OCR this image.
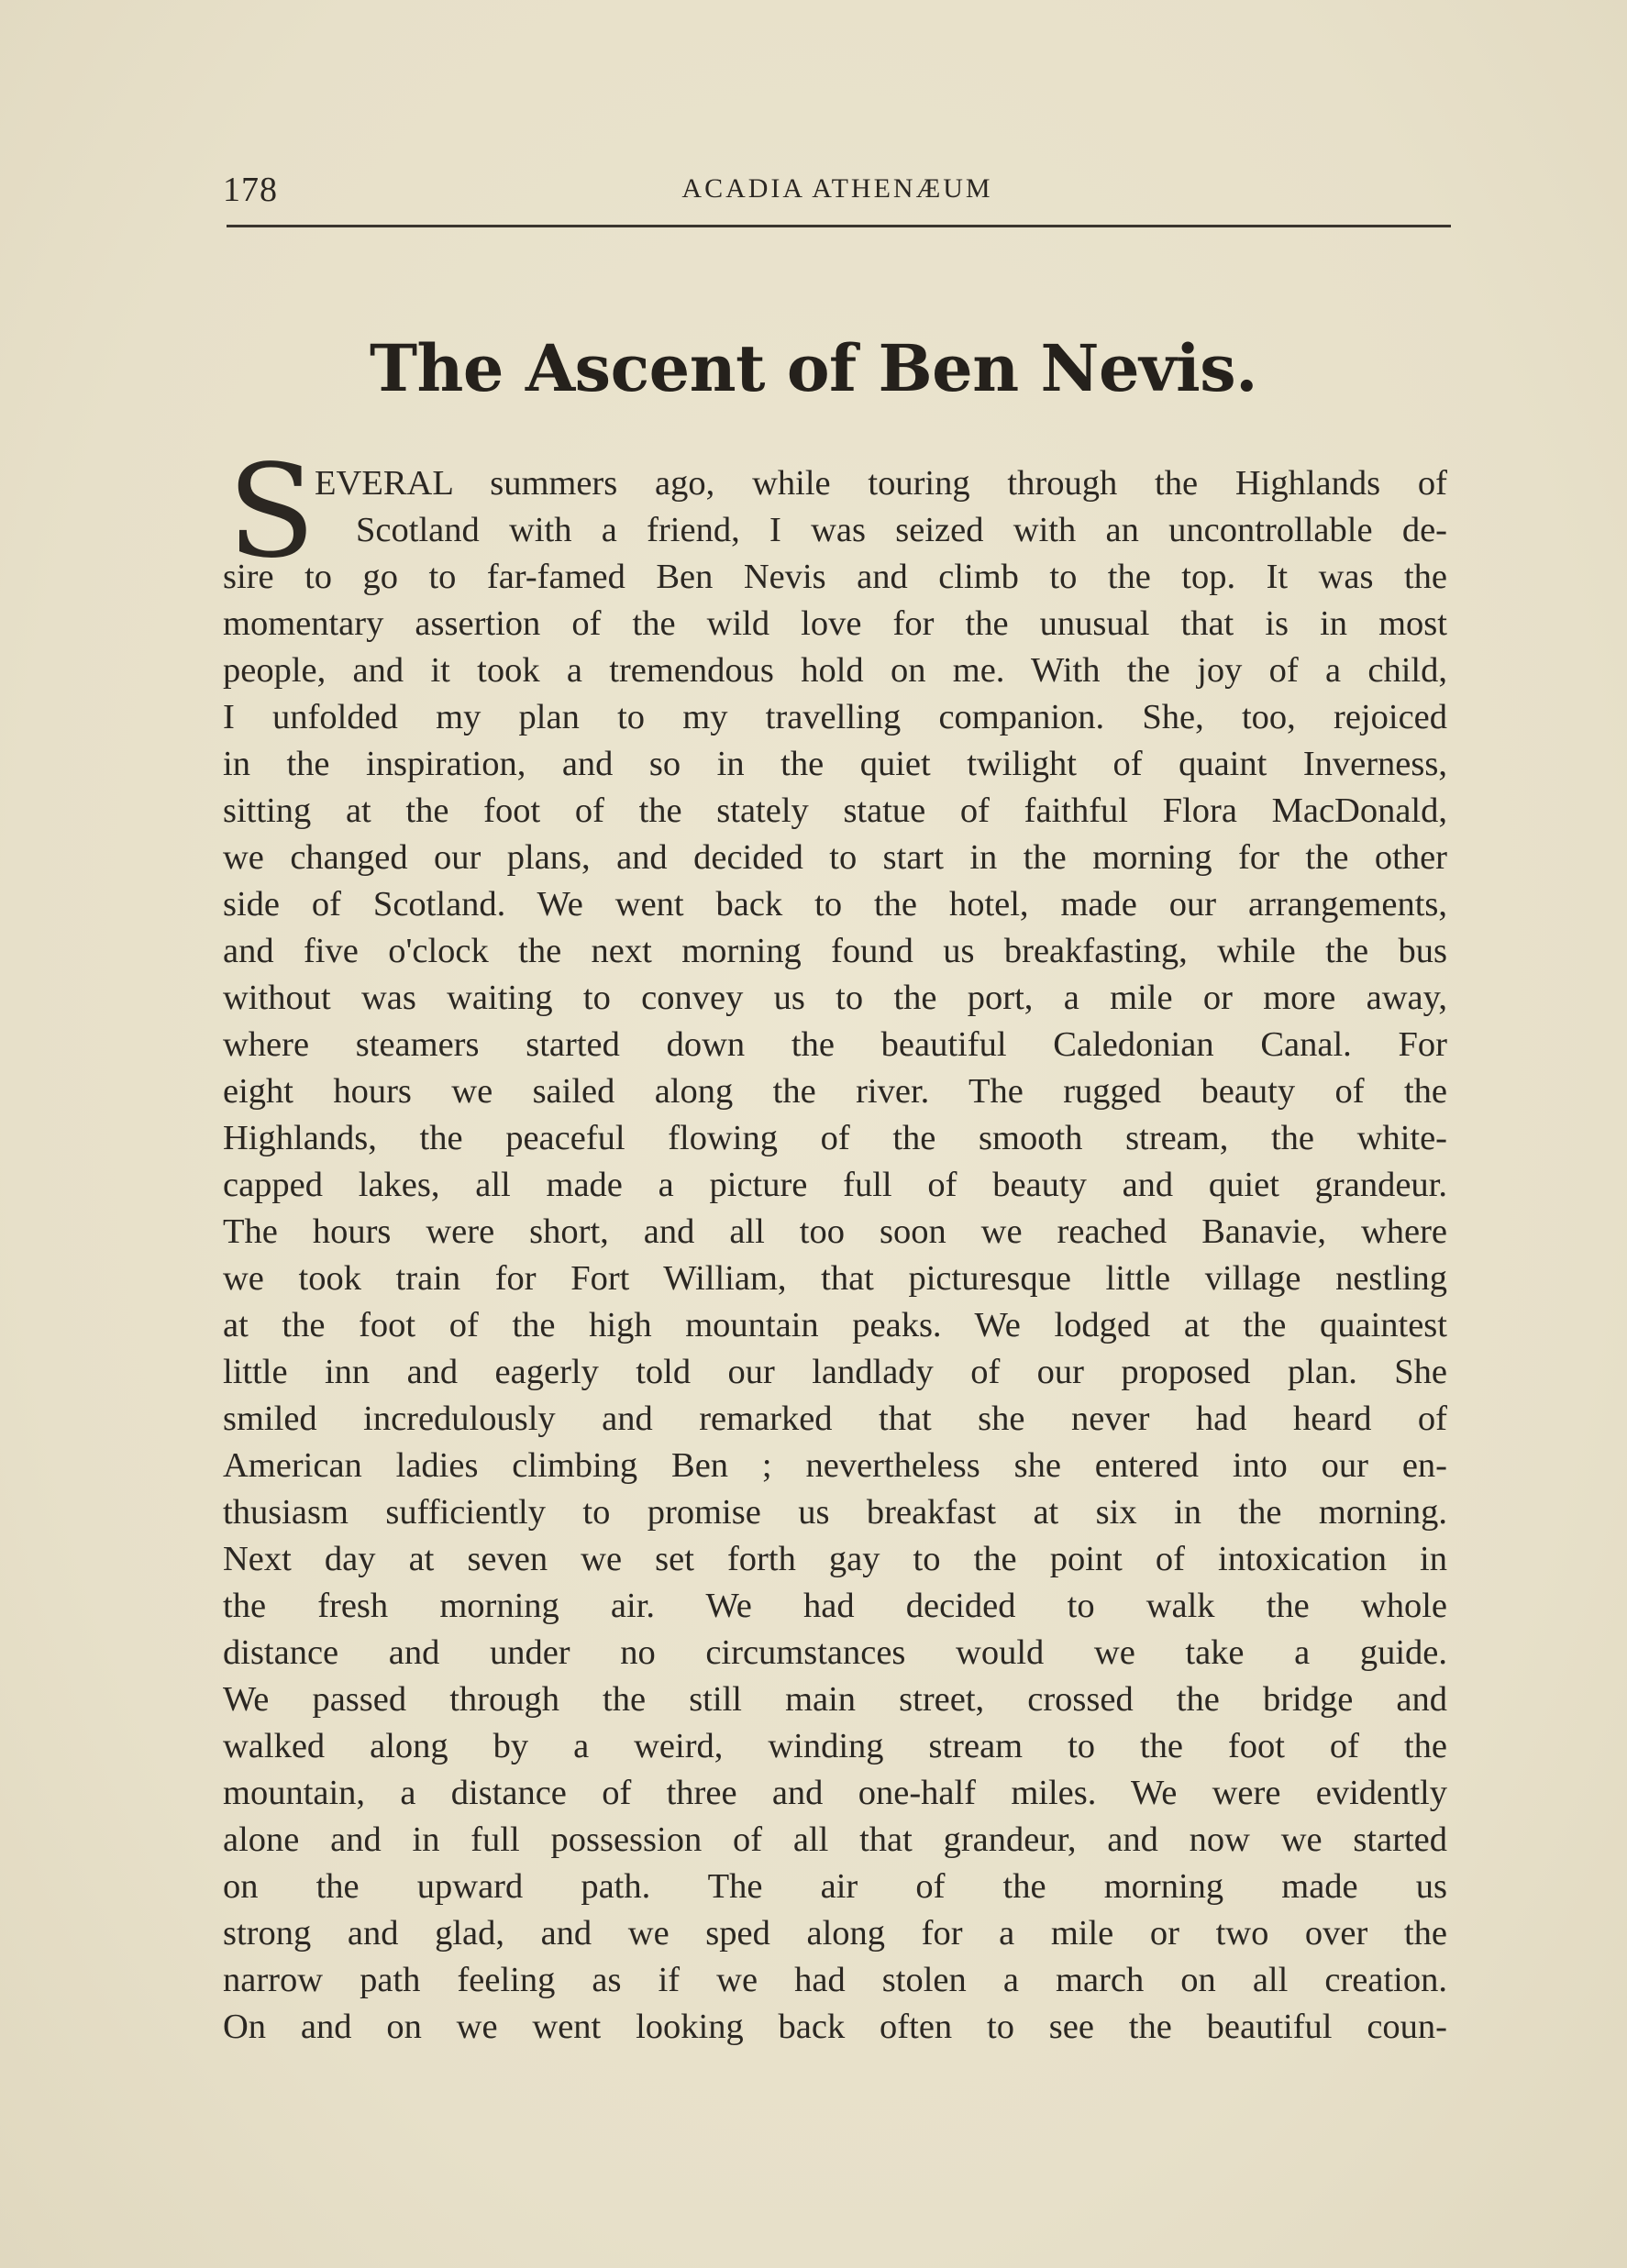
178	ACADIA ATHENÆUM
The Ascent of Ben Nevis.
S EVERAL summers ago, while touring through the Highlands of
Scotland with a friend, I was seized with an uncontrollable de-
sire to go to far-famed Ben Nevis and climb to the top. It was the
momentary assertion of the wild love for the unusual that is in most
people, and it took a tremendous hold on me. With the joy of a child,
I unfolded my plan to my travelling companion. She, too, rejoiced
in the inspiration, and so in the quiet twilight of quaint Inverness,
sitting at the foot of the stately statue of faithful Flora MacDonald,
we changed our plans, and decided to start in the morning for the other
side of Scotland. We went back to the hotel, made our arrangements,
and five o'clock the next morning found us breakfasting, while the bus
without was waiting to convey us to the port, a mile or more away,
where steamers started down the beautiful Caledonian Canal. For
eight hours we sailed along the river. The rugged beauty of the
Highlands, the peaceful flowing of the smooth stream, the white-
capped lakes, all made a picture full of beauty and quiet grandeur.
The hours were short, and all too soon we reached Banavie, where
we took train for Fort William, that picturesque little village nestling
at the foot of the high mountain peaks. We lodged at the quaintest
little inn and eagerly told our landlady of our proposed plan. She
smiled incredulously and remarked that she never had heard of
American ladies climbing Ben ; nevertheless she entered into our en-
thusiasm sufficiently to promise us breakfast at six in the morning.
Next day at seven we set forth gay to the point of intoxication in
the fresh morning air. We had decided to walk the whole
distance and under no circumstances would we take a guide.
We passed through the still main street, crossed the bridge and
walked along by a weird, winding stream to the foot of the
mountain, a distance of three and one-half miles. We were evidently
alone and in full possession of all that grandeur, and now we started
on the upward path. The air of the morning made us
strong and glad, and we sped along for a mile or two over the
narrow path feeling as if we had stolen a march on all creation.
On and on we went looking back often to see the beautiful coun-
